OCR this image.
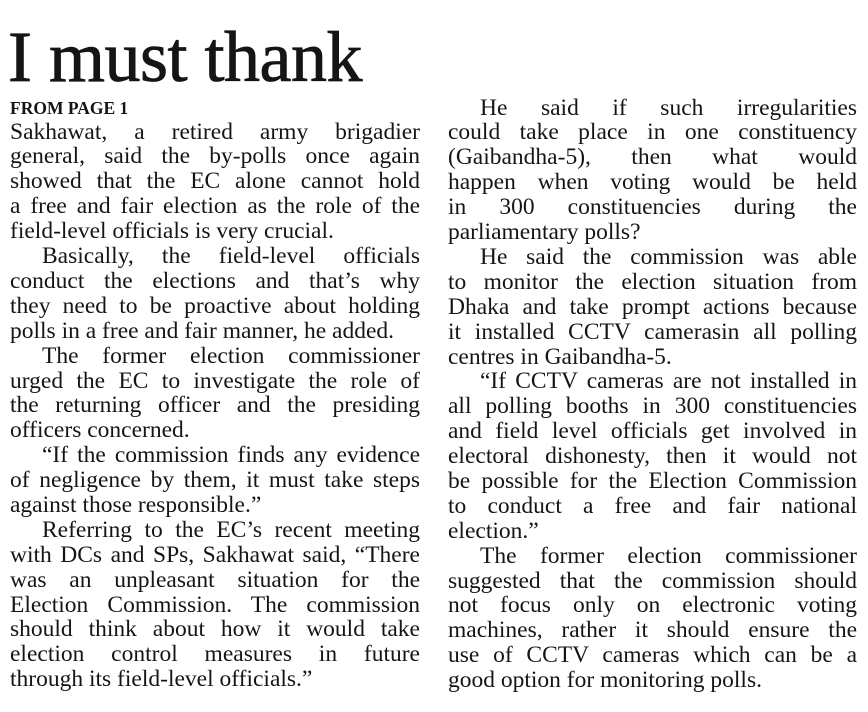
I must thank
FROM PAGE 1
Sakhawat, a retired army brigadier
general, said the by-polls once again
showed that the EC alone cannot hold
a free and fair election as the role of the
field-level officials is very crucial.
Basically, the field-level officials
conduct the elections and that’s why
they need to be proactive about holding
polls in a free and fair manner, he added.
The former election commissioner
urged the EC to investigate the role of
the returning officer and the presiding
officers concerned.
“If the commission finds any evidence
of negligence by them, it must take steps
against those responsible.”
Referring to the EC’s recent meeting
with DCs and SPs, Sakhawat said, “There
was an unpleasant situation for the
Election Commission. The commission
should think about how it would take
election control measures in future
through its field-level officials.”
He said if such irregularities
could take place in one constituency
(Gaibandha-5), then what would
happen when voting would be held
in 300 constituencies during the
parliamentary polls?
He said the commission was able
to monitor the election situation from
Dhaka and take prompt actions because
it installed CCTV camerasin all polling
centres in Gaibandha-5.
“If CCTV cameras are not installed in
all polling booths in 300 constituencies
and field level officials get involved in
electoral dishonesty, then it would not
be possible for the Election Commission
to conduct a free and fair national
election.”
The former election commissioner
suggested that the commission should
not focus only on electronic voting
machines, rather it should ensure the
use of CCTV cameras which can be a
good option for monitoring polls.
